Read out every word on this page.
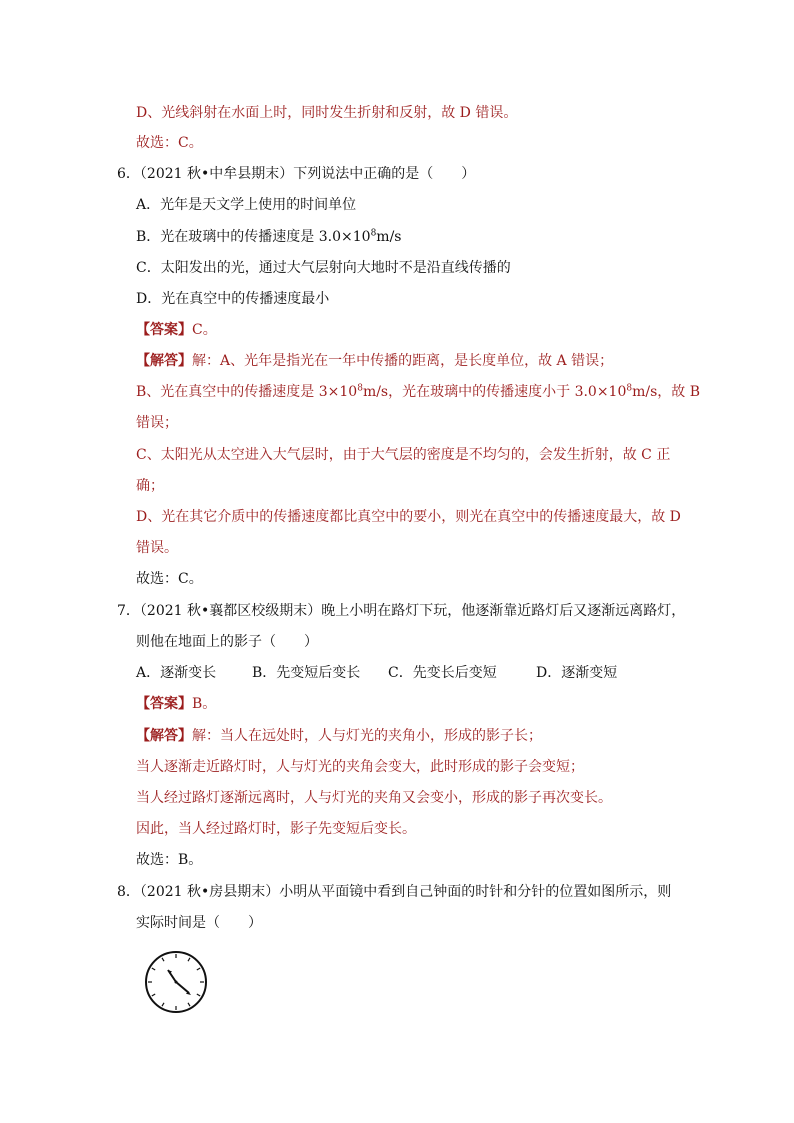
D、光线斜射在水面上时，同时发生折射和反射，故 D 错误。
故选：C。
6．（2021 秋•中牟县期末）下列说法中正确的是（　　）
A．光年是天文学上使用的时间单位
B．光在玻璃中的传播速度是 $3.0\times 10^8m/s$
C．太阳发出的光，通过大气层射向大地时不是沿直线传播的
D．光在真空中的传播速度最小
【答案】C。
【解答】解：A、光年是指光在一年中传播的距离，是长度单位，故 A 错误；
B、光在真空中的传播速度是 $3\times 10^8m/s$，光在玻璃中的传播速度小于 $3.0\times 10^8m/s$，故 B
错误；
C、太阳光从太空进入大气层时，由于大气层的密度是不均匀的，会发生折射，故 C 正
确；
D、光在其它介质中的传播速度都比真空中的要小，则光在真空中的传播速度最大，故 D
错误。
故选：C。
7．（2021 秋•襄都区校级期末）晚上小明在路灯下玩，他逐渐靠近路灯后又逐渐远离路灯，
则他在地面上的影子（　　）
A．逐渐变长	B．先变短后变长 C．先变长后变短	D．逐渐变短
【答案】B。
【解答】解：当人在远处时，人与灯光的夹角小，形成的影子长；
当人逐渐走近路灯时，人与灯光的夹角会变大，此时形成的影子会变短；
当人经过路灯逐渐远离时，人与灯光的夹角又会变小，形成的影子再次变长。
因此，当人经过路灯时，影子先变短后变长。
故选：B。
8．（2021 秋•房县期末）小明从平面镜中看到自己钟面的时针和分针的位置如图所示，则
实际时间是（　　）
